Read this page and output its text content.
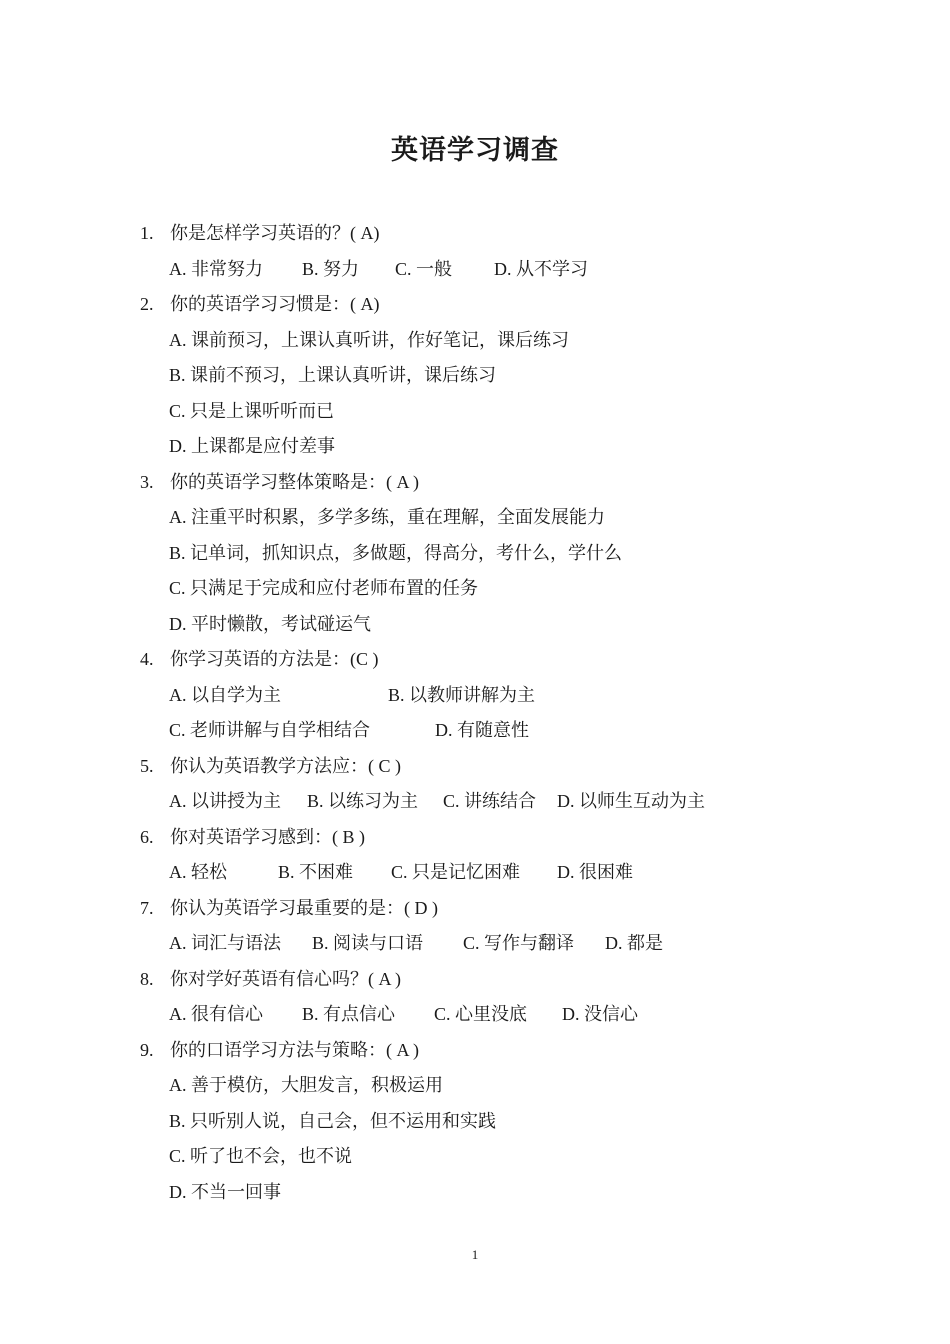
英语学习调查
1. 你是怎样学习英语的？( A)
A. 非常努力 B. 努力 C. 一般 D. 从不学习
2. 你的英语学习习惯是：( A)
A. 课前预习，上课认真听讲，作好笔记，课后练习
B. 课前不预习，上课认真听讲，课后练习
C. 只是上课听听而已
D. 上课都是应付差事
3. 你的英语学习整体策略是：( A )
A. 注重平时积累，多学多练，重在理解，全面发展能力
B. 记单词，抓知识点，多做题，得高分，考什么，学什么
C. 只满足于完成和应付老师布置的任务
D. 平时懒散，考试碰运气
4. 你学习英语的方法是：(C )
A. 以自学为主	B. 以教师讲解为主
C. 老师讲解与自学相结合	D. 有随意性
5. 你认为英语教学方法应：( C )
A. 以讲授为主 B. 以练习为主 C. 讲练结合 D. 以师生互动为主
6. 你对英语学习感到：( B )
A. 轻松	B. 不困难 C. 只是记忆困难 D. 很困难
7. 你认为英语学习最重要的是：( D )
A. 词汇与语法 B. 阅读与口语 C. 写作与翻译 D. 都是
8. 你对学好英语有信心吗？( A )
A. 很有信心 B. 有点信心 C. 心里没底 D. 没信心
9. 你的口语学习方法与策略：( A )
A. 善于模仿，大胆发言，积极运用
B. 只听别人说，自己会，但不运用和实践
C. 听了也不会，也不说
D. 不当一回事
1
